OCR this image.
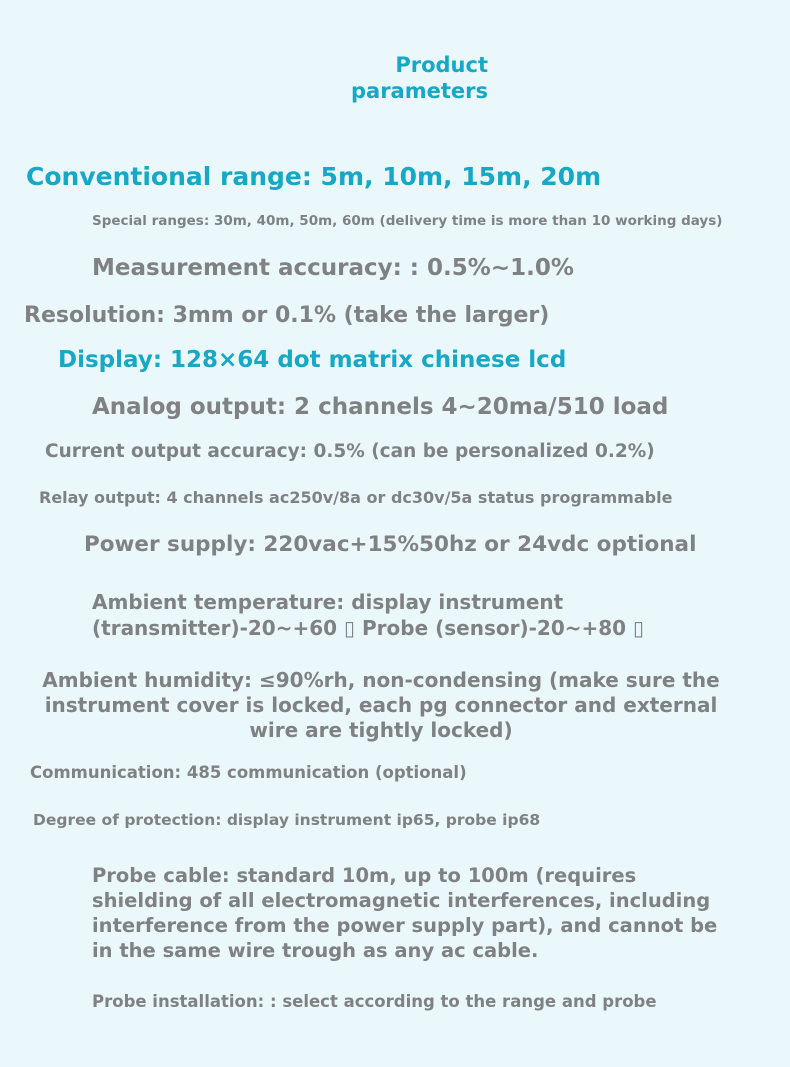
Product
parameters

Conventional range: 5m, 10m, 15m, 20m

Special ranges: 30m, 40m, 50m, 60m (delivery time is more than 10 working days)

Measurement accuracy: : 0.5%~1.0%

Resolution: 3mm or 0.1% (take the larger)

Display: 128×64 dot matrix chinese lcd

Analog output: 2 channels 4~20ma/510 load

Current output accuracy: 0.5% (can be personalized 0.2%)

Relay output: 4 channels ac250v/8a or dc30v/5a status programmable

Power supply: 220vac+15%50hz or 24vdc optional

Ambient temperature: display instrument
(transmitter)-20~+60 ▯ Probe (sensor)-20~+80 ▯
Ambient humidity: ≤90%rh, non-condensing (make sure the
instrument cover is locked, each pg connector and external
wire are tightly locked)

Communication: 485 communication (optional)

Degree of protection: display instrument ip65, probe ip68

Probe cable: standard 10m, up to 100m (requires
shielding of all electromagnetic interferences, including
interference from the power supply part), and cannot be
in the same wire trough as any ac cable.

Probe installation: : select according to the range and probe
